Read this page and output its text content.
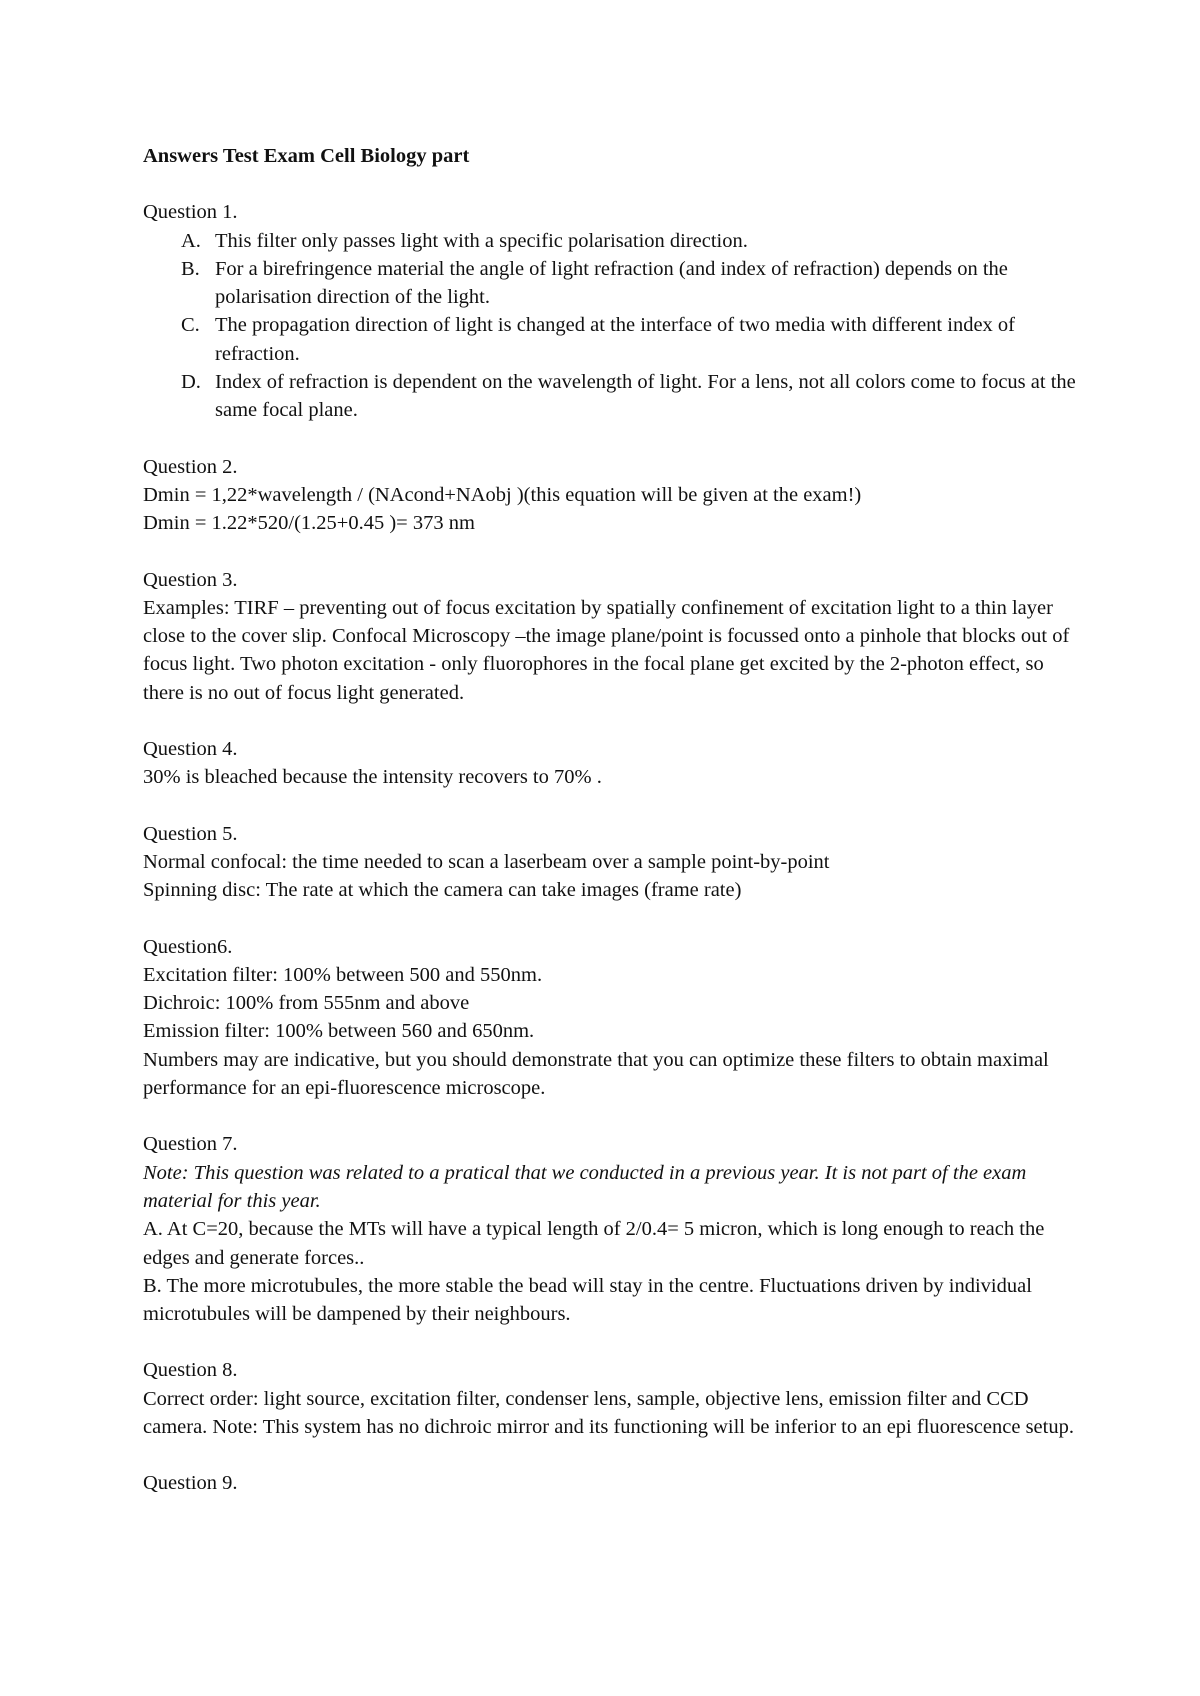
Answers Test Exam Cell Biology part

Question 1.

A. This filter only passes light with a specific polarisation direction.
B. For a birefringence material the angle of light refraction (and index of refraction) depends on the polarisation direction of the light.
C. The propagation direction of light is changed at the interface of two media with different index of refraction.
D. Index of refraction is dependent on the wavelength of light. For a lens, not all colors come to focus at the same focal plane.

Question 2.

Dmin = 1,22*wavelength / (NAcond+NAobj )(this equation will be given at the exam!)

Dmin = 1.22*520/(1.25+0.45 )= 373 nm

Question 3.

Examples: TIRF – preventing out of focus excitation by spatially confinement of excitation light to a thin layer close to the cover slip. Confocal Microscopy –the image plane/point is focussed onto a pinhole that blocks out of focus light. Two photon excitation - only fluorophores in the focal plane get excited by the 2-photon effect, so there is no out of focus light generated.

Question 4.

30% is bleached because the intensity recovers to 70% .

Question 5.

Normal confocal: the time needed to scan a laserbeam over a sample point-by-point

Spinning disc: The rate at which the camera can take images (frame rate)

Question6.

Excitation filter: 100% between 500 and 550nm.

Dichroic: 100% from 555nm and above

Emission filter: 100% between 560 and 650nm.

Numbers may are indicative, but you should demonstrate that you can optimize these filters to obtain maximal performance for an epi-fluorescence microscope.

Question 7.

Note: This question was related to a pratical that we conducted in a previous year. It is not part of the exam material for this year.

A. At C=20, because the MTs will have a typical length of 2/0.4= 5 micron, which is long enough to reach the edges and generate forces..

B. The more microtubules, the more stable the bead will stay in the centre. Fluctuations driven by individual microtubules will be dampened by their neighbours.

Question 8.

Correct order: light source, excitation filter, condenser lens, sample, objective lens, emission filter and CCD camera. Note: This system has no dichroic mirror and its functioning will be inferior to an epi fluorescence setup.

Question 9.
